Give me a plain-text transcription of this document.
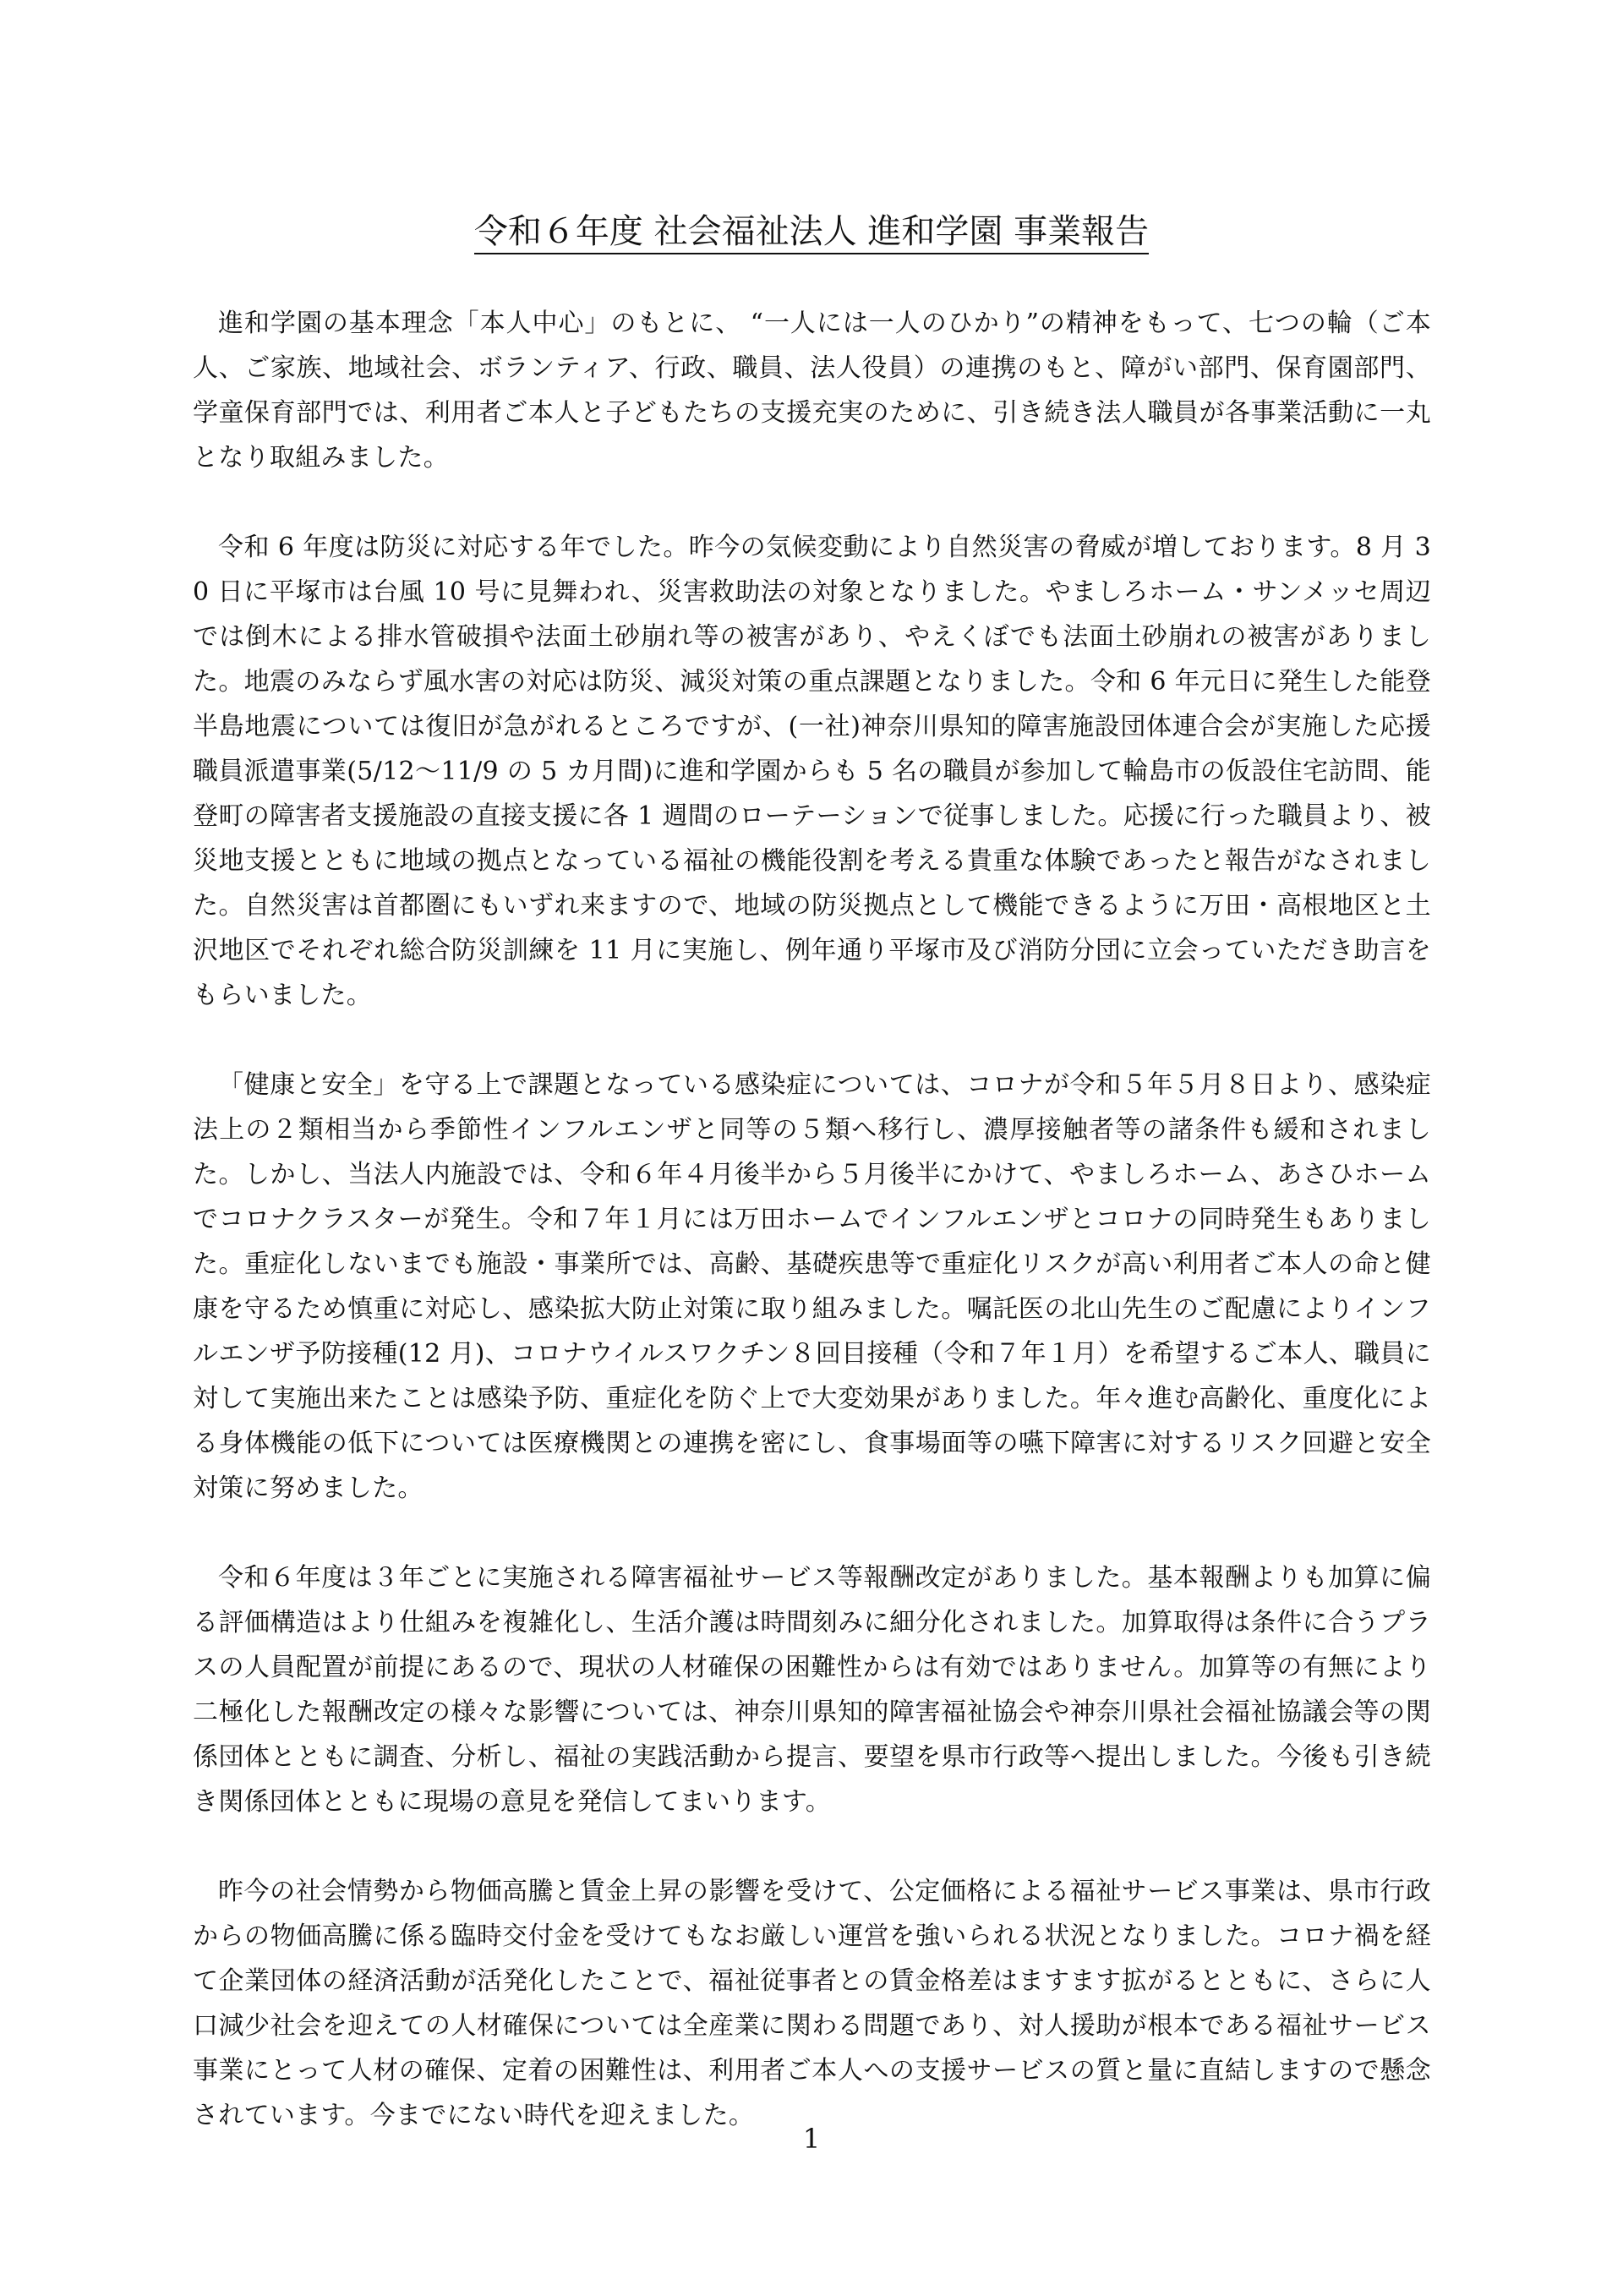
令和６年度 社会福祉法人 進和学園 事業報告

進和学園の基本理念「本人中心」のもとに、 “一人には一人のひかり”の精神をもって、七つの輪（ご本人、ご家族、地域社会、ボランティア、行政、職員、法人役員）の連携のもと、障がい部門、保育園部門、学童保育部門では、利用者ご本人と子どもたちの支援充実のために、引き続き法人職員が各事業活動に一丸となり取組みました。

令和 6 年度は防災に対応する年でした。昨今の気候変動により自然災害の脅威が増しております。8 月 30 日に平塚市は台風 10 号に見舞われ、災害救助法の対象となりました。やましろホーム・サンメッセ周辺では倒木による排水管破損や法面土砂崩れ等の被害があり、やえくぼでも法面土砂崩れの被害がありました。地震のみならず風水害の対応は防災、減災対策の重点課題となりました。令和 6 年元日に発生した能登半島地震については復旧が急がれるところですが、(一社)神奈川県知的障害施設団体連合会が実施した応援職員派遣事業(5/12～11/9 の 5 カ月間)に進和学園からも 5 名の職員が参加して輪島市の仮設住宅訪問、能登町の障害者支援施設の直接支援に各 1 週間のローテーションで従事しました。応援に行った職員より、被災地支援とともに地域の拠点となっている福祉の機能役割を考える貴重な体験であったと報告がなされました。自然災害は首都圏にもいずれ来ますので、地域の防災拠点として機能できるように万田・高根地区と土沢地区でそれぞれ総合防災訓練を 11 月に実施し、例年通り平塚市及び消防分団に立会っていただき助言をもらいました。

「健康と安全」を守る上で課題となっている感染症については、コロナが令和５年５月８日より、感染症法上の２類相当から季節性インフルエンザと同等の５類へ移行し、濃厚接触者等の諸条件も緩和されました。しかし、当法人内施設では、令和６年４月後半から５月後半にかけて、やましろホーム、あさひホームでコロナクラスターが発生。令和７年１月には万田ホームでインフルエンザとコロナの同時発生もありました。重症化しないまでも施設・事業所では、高齢、基礎疾患等で重症化リスクが高い利用者ご本人の命と健康を守るため慎重に対応し、感染拡大防止対策に取り組みました。嘱託医の北山先生のご配慮によりインフルエンザ予防接種(12 月)、コロナウイルスワクチン８回目接種（令和７年１月）を希望するご本人、職員に対して実施出来たことは感染予防、重症化を防ぐ上で大変効果がありました。年々進む高齢化、重度化による身体機能の低下については医療機関との連携を密にし、食事場面等の嚥下障害に対するリスク回避と安全対策に努めました。

令和６年度は３年ごとに実施される障害福祉サービス等報酬改定がありました。基本報酬よりも加算に偏る評価構造はより仕組みを複雑化し、生活介護は時間刻みに細分化されました。加算取得は条件に合うプラスの人員配置が前提にあるので、現状の人材確保の困難性からは有効ではありません。加算等の有無により二極化した報酬改定の様々な影響については、神奈川県知的障害福祉協会や神奈川県社会福祉協議会等の関係団体とともに調査、分析し、福祉の実践活動から提言、要望を県市行政等へ提出しました。今後も引き続き関係団体とともに現場の意見を発信してまいります。

昨今の社会情勢から物価高騰と賃金上昇の影響を受けて、公定価格による福祉サービス事業は、県市行政からの物価高騰に係る臨時交付金を受けてもなお厳しい運営を強いられる状況となりました。コロナ禍を経て企業団体の経済活動が活発化したことで、福祉従事者との賃金格差はますます拡がるとともに、さらに人口減少社会を迎えての人材確保については全産業に関わる問題であり、対人援助が根本である福祉サービス事業にとって人材の確保、定着の困難性は、利用者ご本人への支援サービスの質と量に直結しますので懸念されています。今までにない時代を迎えました。

1
